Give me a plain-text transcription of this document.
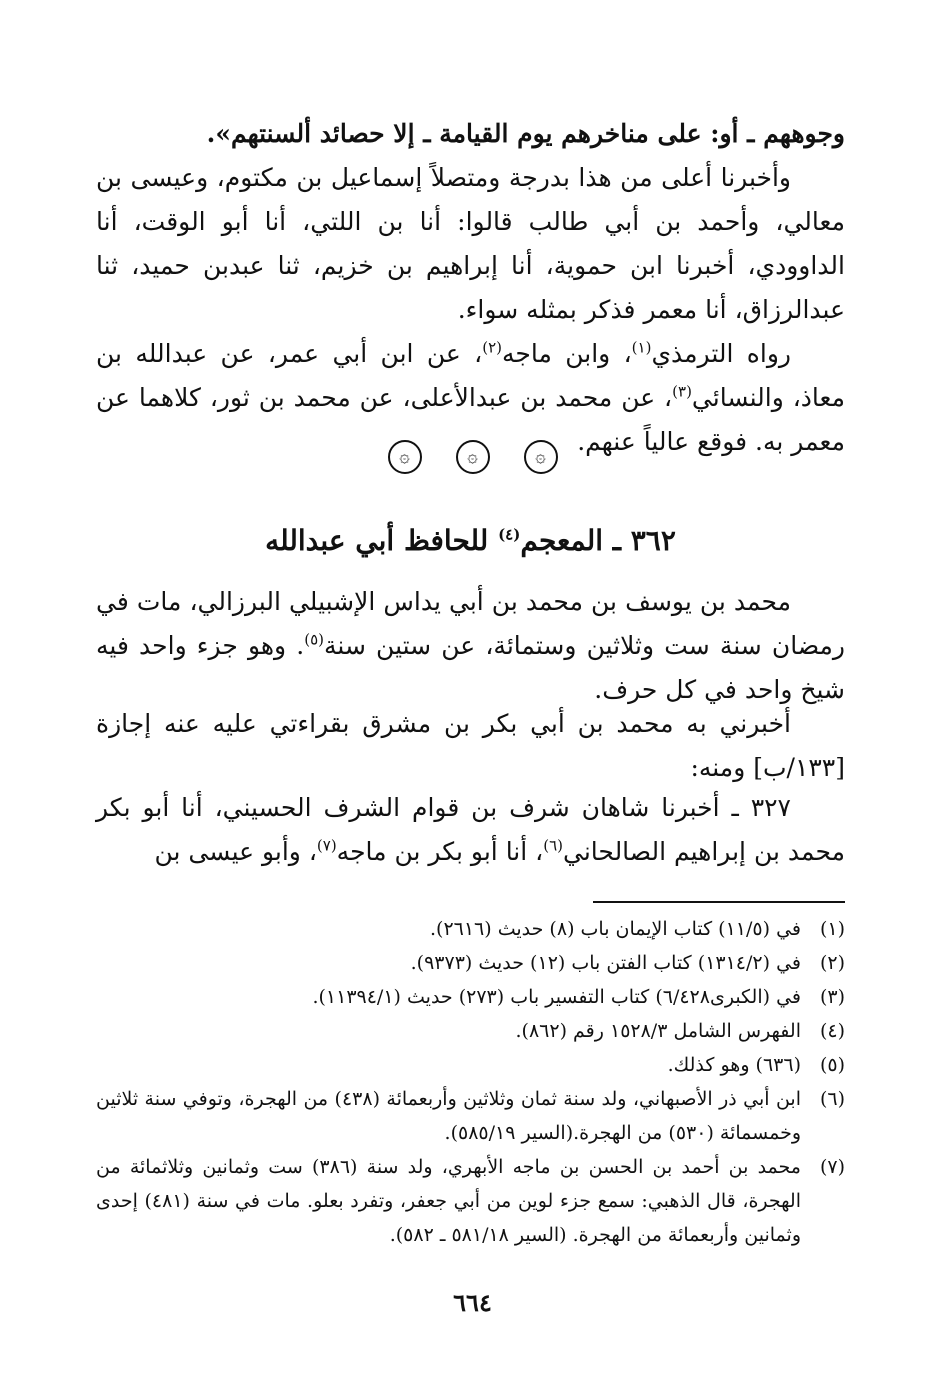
وجوههم ـ أو: على مناخرهم يوم القيامة ـ إلا حصائد ألسنتهم».

وأخبرنا أعلى من هذا بدرجة ومتصلاً إسماعيل بن مكتوم، وعيسى بن معالي، وأحمد بن أبي طالب قالوا: أنا بن اللتي، أنا أبو الوقت، أنا الداوودي، أخبرنا ابن حموية، أنا إبراهيم بن خزيم، ثنا عبدبن حميد، ثنا عبدالرزاق، أنا معمر فذكر بمثله سواء.

رواه الترمذي$^{(١)}$، وابن ماجه$^{(٢)}$، عن ابن أبي عمر، عن عبدالله بن معاذ، والنسائي$^{(٣)}$، عن محمد بن عبدالأعلى، عن محمد بن ثور، كلاهما عن معمر به. فوقع عالياً عنهم.

۞
۞
۞
٣٦٢ ـ المعجم$^{(٤)}$ للحافظ أبي عبدالله

محمد بن يوسف بن محمد بن أبي يداس الإشبيلي البرزالي، مات في رمضان سنة ست وثلاثين وستمائة، عن ستين سنة$^{(٥)}$. وهو جزء واحد فيه شيخ واحد في كل حرف.

أخبرني به محمد بن أبي بكر بن مشرق بقراءتي عليه عنه إجازة [١٣٣/ب] ومنه:

٣٢٧ ـ أخبرنا شاهان شرف بن قوام الشرف الحسيني، أنا أبو بكر محمد بن إبراهيم الصالحاني$^{(٦)}$، أنا أبو بكر بن ماجه$^{(٧)}$، وأبو عيسى بن

(١)
في (١١/٥) كتاب الإيمان باب (٨) حديث (٢٦١٦).
(٢)
في (١٣١٤/٢) كتاب الفتن باب (١٢) حديث (٩٣٧٣).
(٣)
في (الكبرى٦/٤٢٨) كتاب التفسير باب (٢٧٣) حديث (١١٣٩٤/١).
(٤)
الفهرس الشامل ١٥٢٨/٣ رقم (٨٦٢).
(٥)
(٦٣٦) وهو كذلك.
(٦)
ابن أبي ذر الأصبهاني، ولد سنة ثمان وثلاثين وأربعمائة (٤٣٨) من الهجرة، وتوفي سنة ثلاثين وخمسمائة (٥٣٠) من الهجرة.(السير ٥٨٥/١٩).
(٧)
محمد بن أحمد بن الحسن بن ماجه الأبهري، ولد سنة (٣٨٦) ست وثمانين وثلاثمائة من الهجرة، قال الذهبي: سمع جزء لوين من أبي جعفر، وتفرد بعلو. مات في سنة (٤٨١) إحدى وثمانين وأربعمائة من الهجرة. (السير ٥٨١/١٨ ـ ٥٨٢).
٦٦٤
